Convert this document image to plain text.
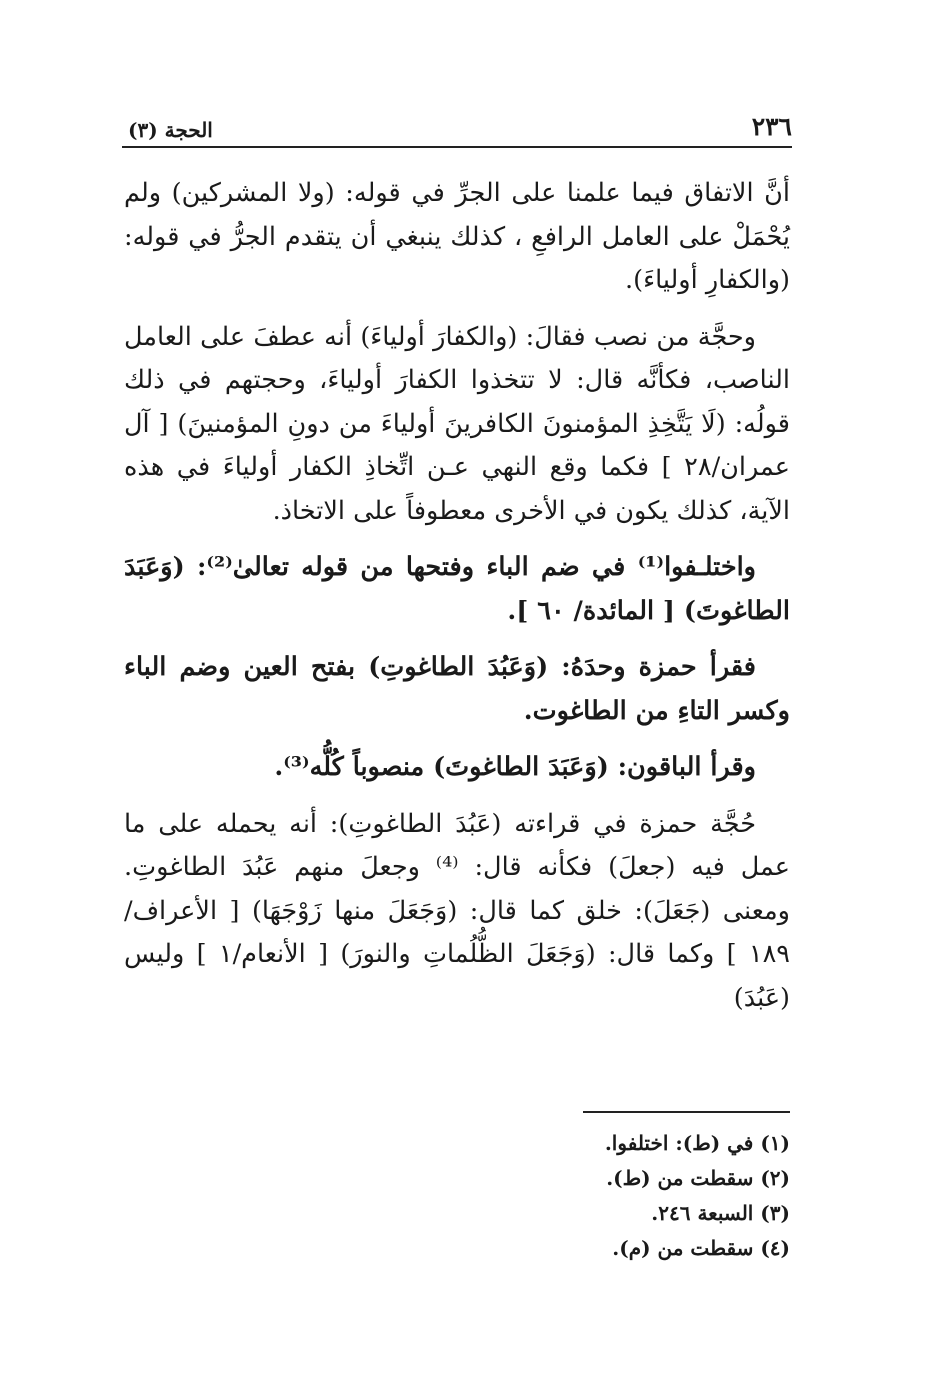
٢٣٦
الحجة (٣)

أنَّ الاتفاق فيما علمنا على الجرِّ في قوله: (ولا المشركين) ولم يُحْمَلْ على العامل الرافعِ ، كذلك ينبغي أن يتقدم الجرُّ في قوله: (والكفارِ أولياءَ).

وحجَّة من نصب فقالَ: (والكفارَ أولياءَ) أنه عطفَ على العامل الناصب، فكأنَّه قال: لا تتخذوا الكفارَ أولياءَ، وحجتهم في ذلك قولُه: (لَا يَتَّخِذِ المؤمنونَ الكافرينَ أولياءَ من دونِ المؤمنينَ) [ آل عمران/٢٨ ] فكما وقع النهي عـن اتِّخاذِ الكفار أولياءَ في هذه الآية، كذلك يكون في الأخرى معطوفاً على الاتخاذ.

واختلـفوا⁽¹⁾ في ضم الباء وفتحها من قوله تعالىٰ⁽²⁾: (وَعَبَدَ الطاغوتَ) [ المائدة/ ٦٠ ].

فقرأ حمزة وحدَهُ: (وَعَبُدَ الطاغوتِ) بفتح العين وضم الباء وكسر التاءِ من الطاغوت.

وقرأ الباقون: (وَعَبَدَ الطاغوتَ) منصوباً كُلُّه⁽³⁾.

حُجَّة حمزة في قراءته (عَبُدَ الطاغوتِ): أنه يحمله على ما عمل فيه (جعلَ) فكأنه قال: ⁽⁴⁾ وجعلَ منهم عَبُدَ الطاغوتِ. ومعنى (جَعَلَ): خلق كما قال: (وَجَعَلَ منها زَوْجَهَا) [ الأعراف/١٨٩ ] وكما قال: (وَجَعَلَ الظُّلُماتِ والنورَ) [ الأنعام/١ ] وليس (عَبُدَ)

(١) في (ط): اختلفوا.
(٢) سقطت من (ط).
(٣) السبعة ٢٤٦.
(٤) سقطت من (م).
